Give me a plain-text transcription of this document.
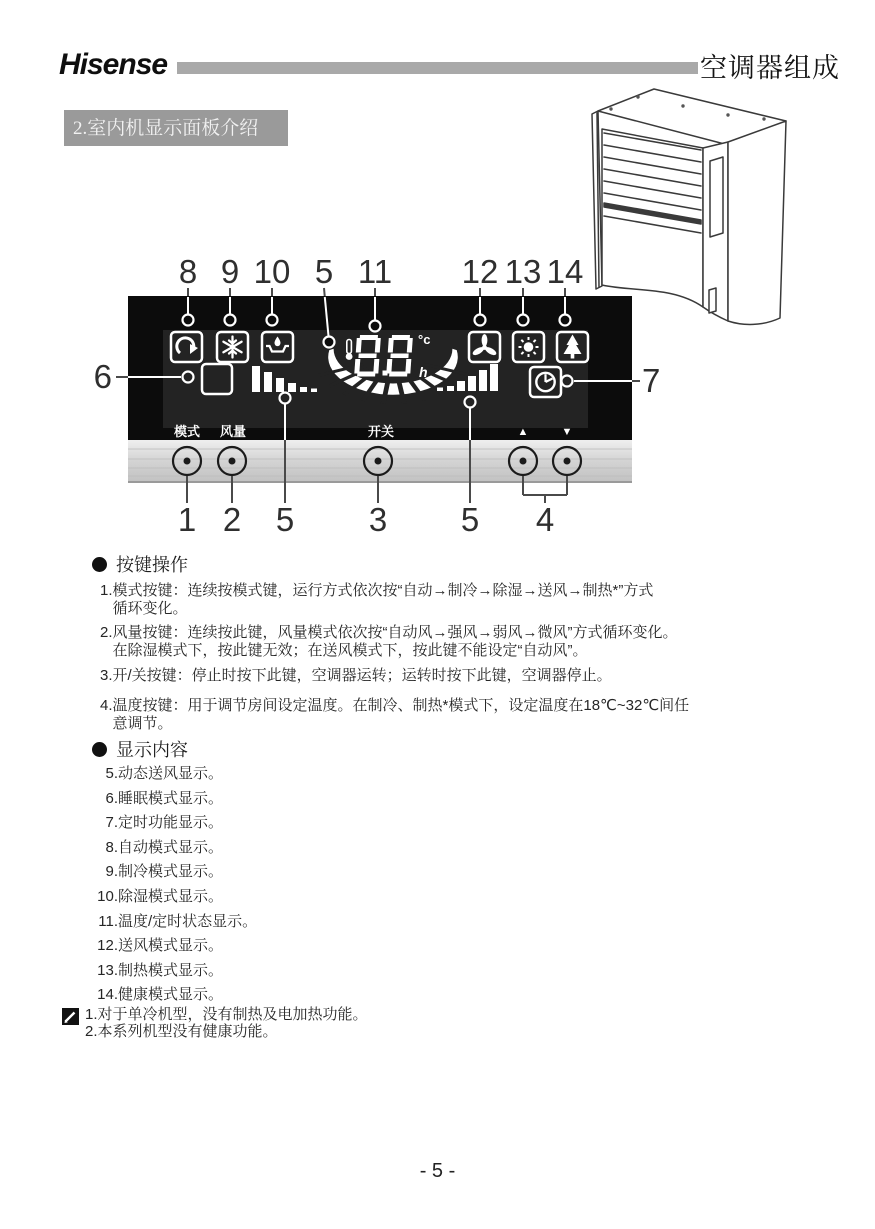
Hisense	空调器组成
2.室内机显示面板介绍
8 9 10 5 11 12 13 14
6	7
°c
h
模式 风量	开关	▲	▼
1 2 5 3 5 4
按键操作
1. 模式按键：连续按模式键，运行方式依次按“自动→制冷→除湿→送风→制热*”方式
循环变化。
2. 风量按键：连续按此键，风量模式依次按“自动风→强风→弱风→微风”方式循环变化。
在除湿模式下，按此键无效；在送风模式下，按此键不能设定“自动风”。
3. 开/关按键：停止时按下此键，空调器运转；运转时按下此键，空调器停止。
4. 温度按键：用于调节房间设定温度。在制冷、制热*模式下，设定温度在18℃~32℃间任
意调节。
显示内容
5. 动态送风显示。
6. 睡眠模式显示。
7. 定时功能显示。
8. 自动模式显示。
9. 制冷模式显示。
10. 除湿模式显示。
11. 温度/定时状态显示。
12. 送风模式显示。
13. 制热模式显示。
14. 健康模式显示。
1.对于单冷机型，没有制热及电加热功能。
2.本系列机型没有健康功能。
- 5 -
